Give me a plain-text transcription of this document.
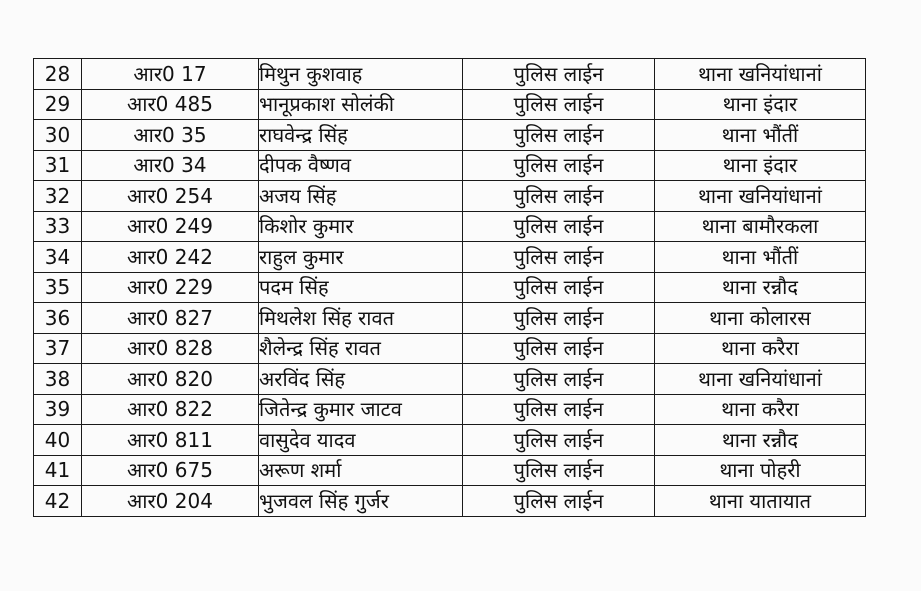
28	आर0 17	मिथुन कुशवाह	पुलिस लाईन	थाना खनियांधानां
29	आर0 485	भानूप्रकाश सोलंकी	पुलिस लाईन	थाना इंदार
30	आर0 35	राघवेन्द्र सिंह	पुलिस लाईन	थाना भौंतीं
31	आर0 34	दीपक वैष्णव	पुलिस लाईन	थाना इंदार
32	आर0 254	अजय सिंह	पुलिस लाईन	थाना खनियांधानां
33	आर0 249	किशोर कुमार	पुलिस लाईन	थाना बामौरकला
34	आर0 242	राहुल कुमार	पुलिस लाईन	थाना भौंतीं
35	आर0 229	पदम सिंह	पुलिस लाईन	थाना रन्नौद
36	आर0 827	मिथलेश सिंह रावत	पुलिस लाईन	थाना कोलारस
37	आर0 828	शैलेन्द्र सिंह रावत	पुलिस लाईन	थाना करैरा
38	आर0 820	अरविंद सिंह	पुलिस लाईन	थाना खनियांधानां
39	आर0 822	जितेन्द्र कुमार जाटव	पुलिस लाईन	थाना करैरा
40	आर0 811	वासुदेव यादव	पुलिस लाईन	थाना रन्नौद
41	आर0 675	अरूण शर्मा	पुलिस लाईन	थाना पोहरी
42	आर0 204	भुजवल सिंह गुर्जर	पुलिस लाईन	थाना यातायात
